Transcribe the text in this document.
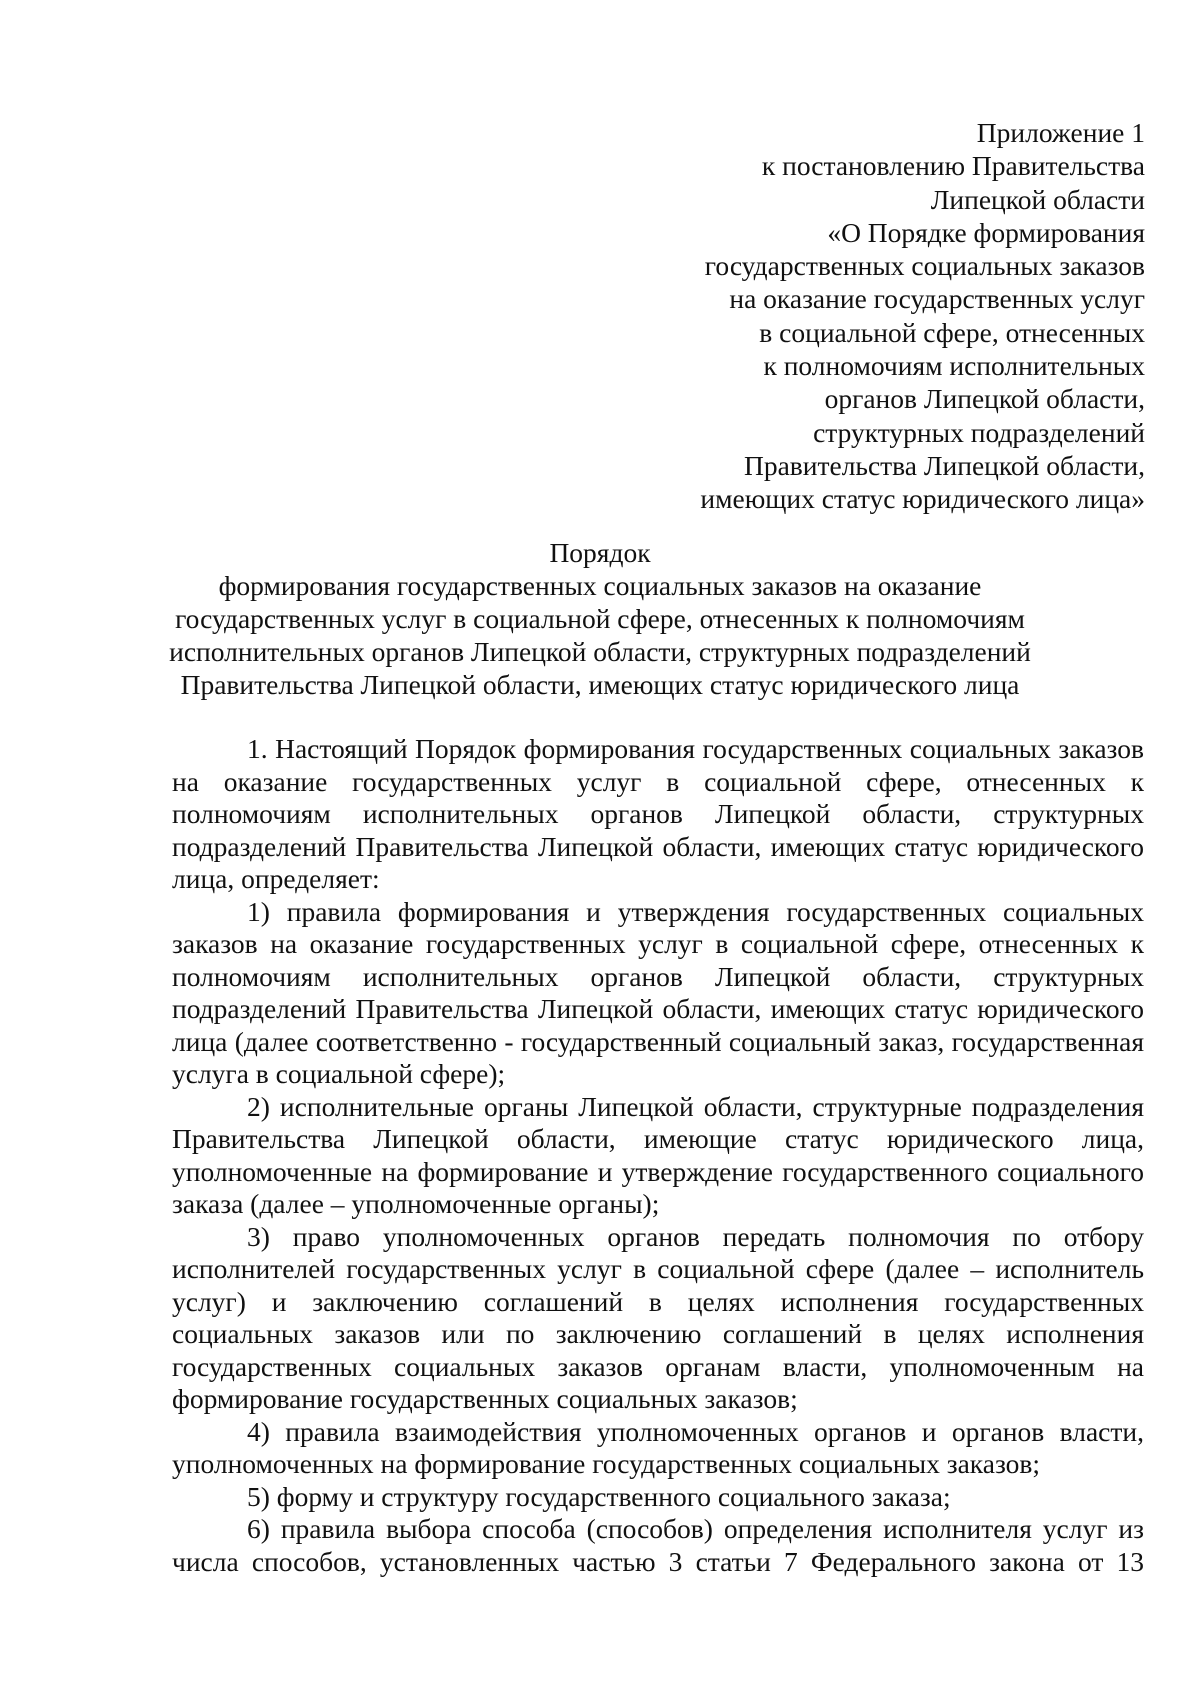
Приложение 1
к постановлению Правительства
Липецкой области
«О Порядке формирования
государственных социальных заказов
на оказание государственных услуг
в социальной сфере, отнесенных
к полномочиям исполнительных
органов Липецкой области,
структурных подразделений
Правительства Липецкой области,
имеющих статус юридического лица»
Порядок
формирования государственных социальных заказов на оказание
государственных услуг в социальной сфере, отнесенных к полномочиям
исполнительных органов Липецкой области, структурных подразделений
Правительства Липецкой области, имеющих статус юридического лица

1. Настоящий Порядок формирования государственных социальных заказов на оказание государственных услуг в социальной сфере, отнесенных к полномочиям исполнительных органов Липецкой области, структурных подразделений Правительства Липецкой области, имеющих статус юридического лица, определяет:

1) правила формирования и утверждения государственных социальных заказов на оказание государственных услуг в социальной сфере, отнесенных к полномочиям исполнительных органов Липецкой области, структурных подразделений Правительства Липецкой области, имеющих статус юридического лица (далее соответственно - государственный социальный заказ, государственная услуга в социальной сфере);

2) исполнительные органы Липецкой области, структурные подразделения Правительства Липецкой области, имеющие статус юридического лица, уполномоченные на формирование и утверждение государственного социального заказа (далее – уполномоченные органы);

3) право уполномоченных органов передать полномочия по отбору исполнителей государственных услуг в социальной сфере (далее – исполнитель услуг) и заключению соглашений в целях исполнения государственных социальных заказов или по заключению соглашений в целях исполнения государственных социальных заказов органам власти, уполномоченным на формирование государственных социальных заказов;

4) правила взаимодействия уполномоченных органов и органов власти, уполномоченных на формирование государственных социальных заказов;

5) форму и структуру государственного социального заказа;

6) правила выбора способа (способов) определения исполнителя услуг из числа способов, установленных частью 3 статьи 7 Федерального закона от 13
